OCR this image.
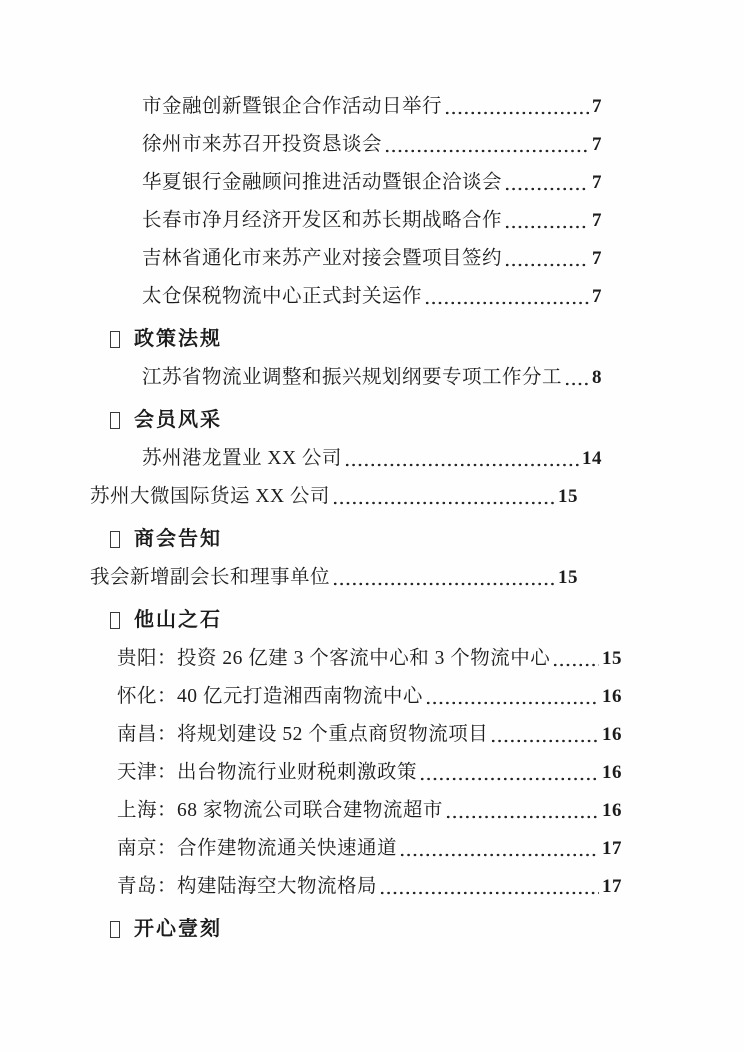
市金融创新暨银企合作活动日举行	7
徐州市来苏召开投资恳谈会	7
华夏银行金融顾问推进活动暨银企洽谈会	7
长春市净月经济开发区和苏长期战略合作	7
吉林省通化市来苏产业对接会暨项目签约	7
太仓保税物流中心正式封关运作	7
政策法规
江苏省物流业调整和振兴规划纲要专项工作分工 8
会员风采
苏州港龙置业 XX 公司	14
苏州大微国际货运 XX 公司	15
商会告知
我会新增副会长和理事单位	15
他山之石
贵阳：投资 26 亿建 3 个客流中心和 3 个物流中心	15
怀化：40 亿元打造湘西南物流中心	16
南昌：将规划建设 52 个重点商贸物流项目	16
天津：出台物流行业财税刺激政策	16
上海：68 家物流公司联合建物流超市	16
南京：合作建物流通关快速通道	17
青岛：构建陆海空大物流格局	17
开心壹刻
